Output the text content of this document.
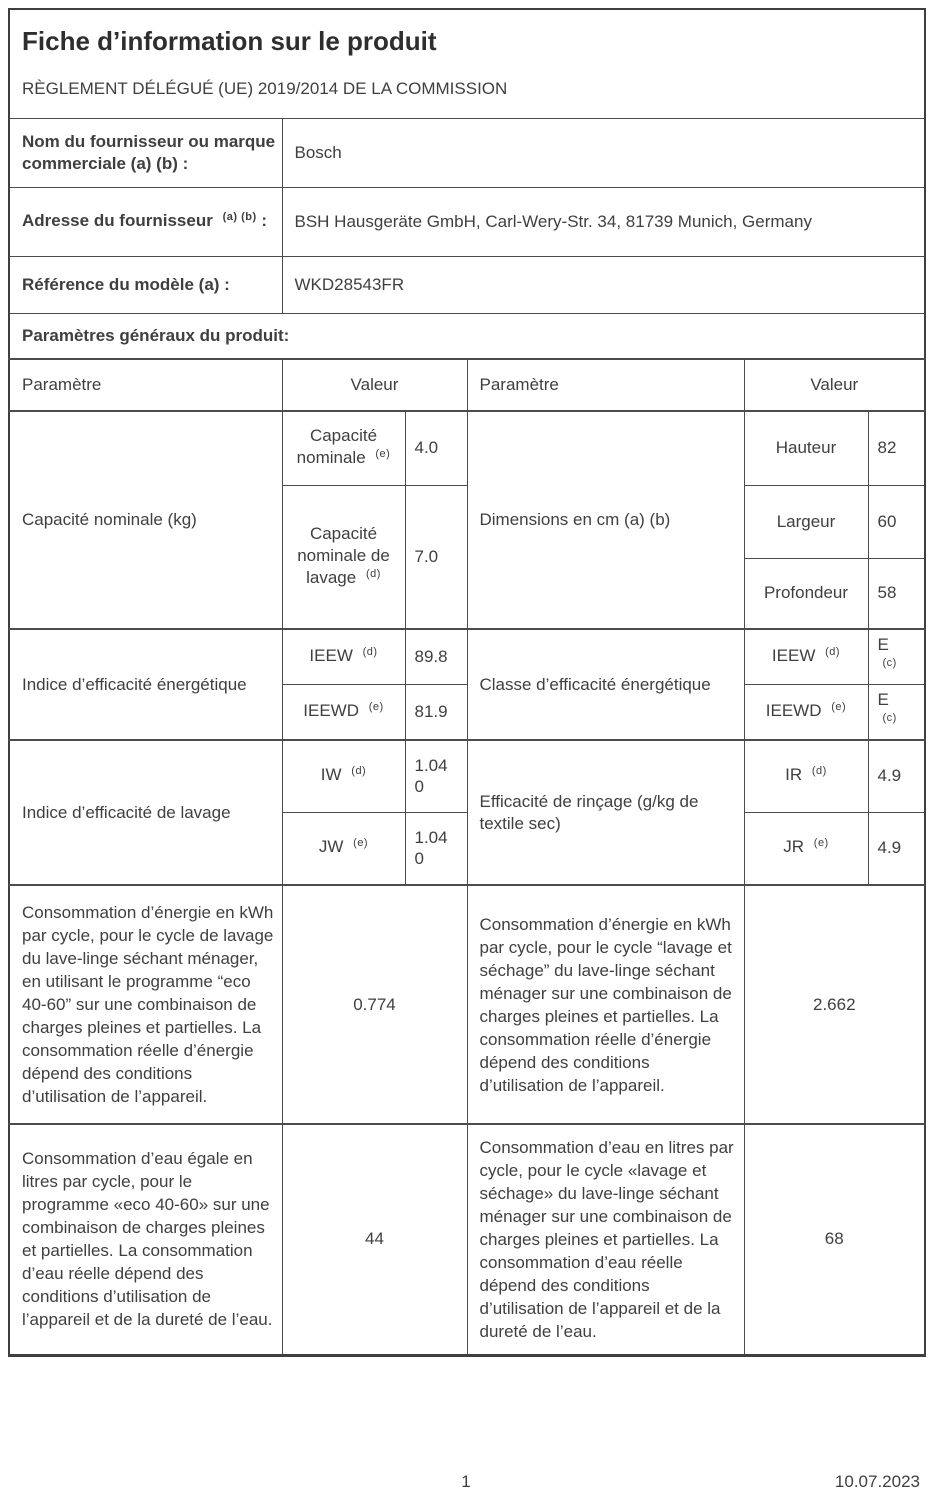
Fiche d’information sur le produit
RÈGLEMENT DÉLÉGUÉ (UE) 2019/2014 DE LA COMMISSION					

Nom du fournisseur ou marque commerciale (a) (b) :	Bosch				
Adresse du fournisseur $^{(a) (b)}$ :	BSH Hausgeräte GmbH, Carl-Wery-Str. 34, 81739 Munich, Germany				
Référence du modèle (a) :	WKD28543FR				
Paramètres généraux du produit:					
Paramètre	Valeur		Paramètre	Valeur	
Capacité nominale (kg)	Capacité nominale $^{(e)}$	4.0	Dimensions en cm (a) (b)	Hauteur	82
	Capacité nominale de lavage $^{(d)}$	7.0		Largeur	60
				Profondeur	58
Indice d’efficacité énergétique	IEEW $^{(d)}$	89.8	Classe d’efficacité énergétique	IEEW $^{(d)}$	E $^{(c)}$
	IEEWD $^{(e)}$	81.9		IEEWD $^{(e)}$	E $^{(c)}$
Indice d’efficacité de lavage	IW $^{(d)}$	1.040	Efficacité de rinçage (g/kg de textile sec)	IR $^{(d)}$	4.9
	JW $^{(e)}$	1.040		JR $^{(e)}$	4.9
Consommation d’énergie en kWh par cycle, pour le cycle de lavage du lave-linge séchant ménager, en utilisant le programme “eco 40-60” sur une combinaison de charges pleines et partielles. La consommation réelle d’énergie dépend des conditions d’utilisation de l’appareil.	0.774	Consommation d’énergie en kWh par cycle, pour le cycle “lavage et séchage” du lave-linge séchant ménager sur une combinaison de charges pleines et partielles. La consommation réelle d’énergie dépend des conditions d’utilisation de l’appareil.	2.662
Consommation d’eau égale en litres par cycle, pour le programme «eco 40-60» sur une combinaison de charges pleines et partielles. La consommation d’eau réelle dépend des conditions d’utilisation de l’appareil et de la dureté de l’eau.	44	Consommation d’eau en litres par cycle, pour le cycle «lavage et séchage» du lave-linge séchant ménager sur une combinaison de charges pleines et partielles. La consommation d’eau réelle dépend des conditions d’utilisation de l’appareil et de la dureté de l’eau.	68
1	10.07.2023
